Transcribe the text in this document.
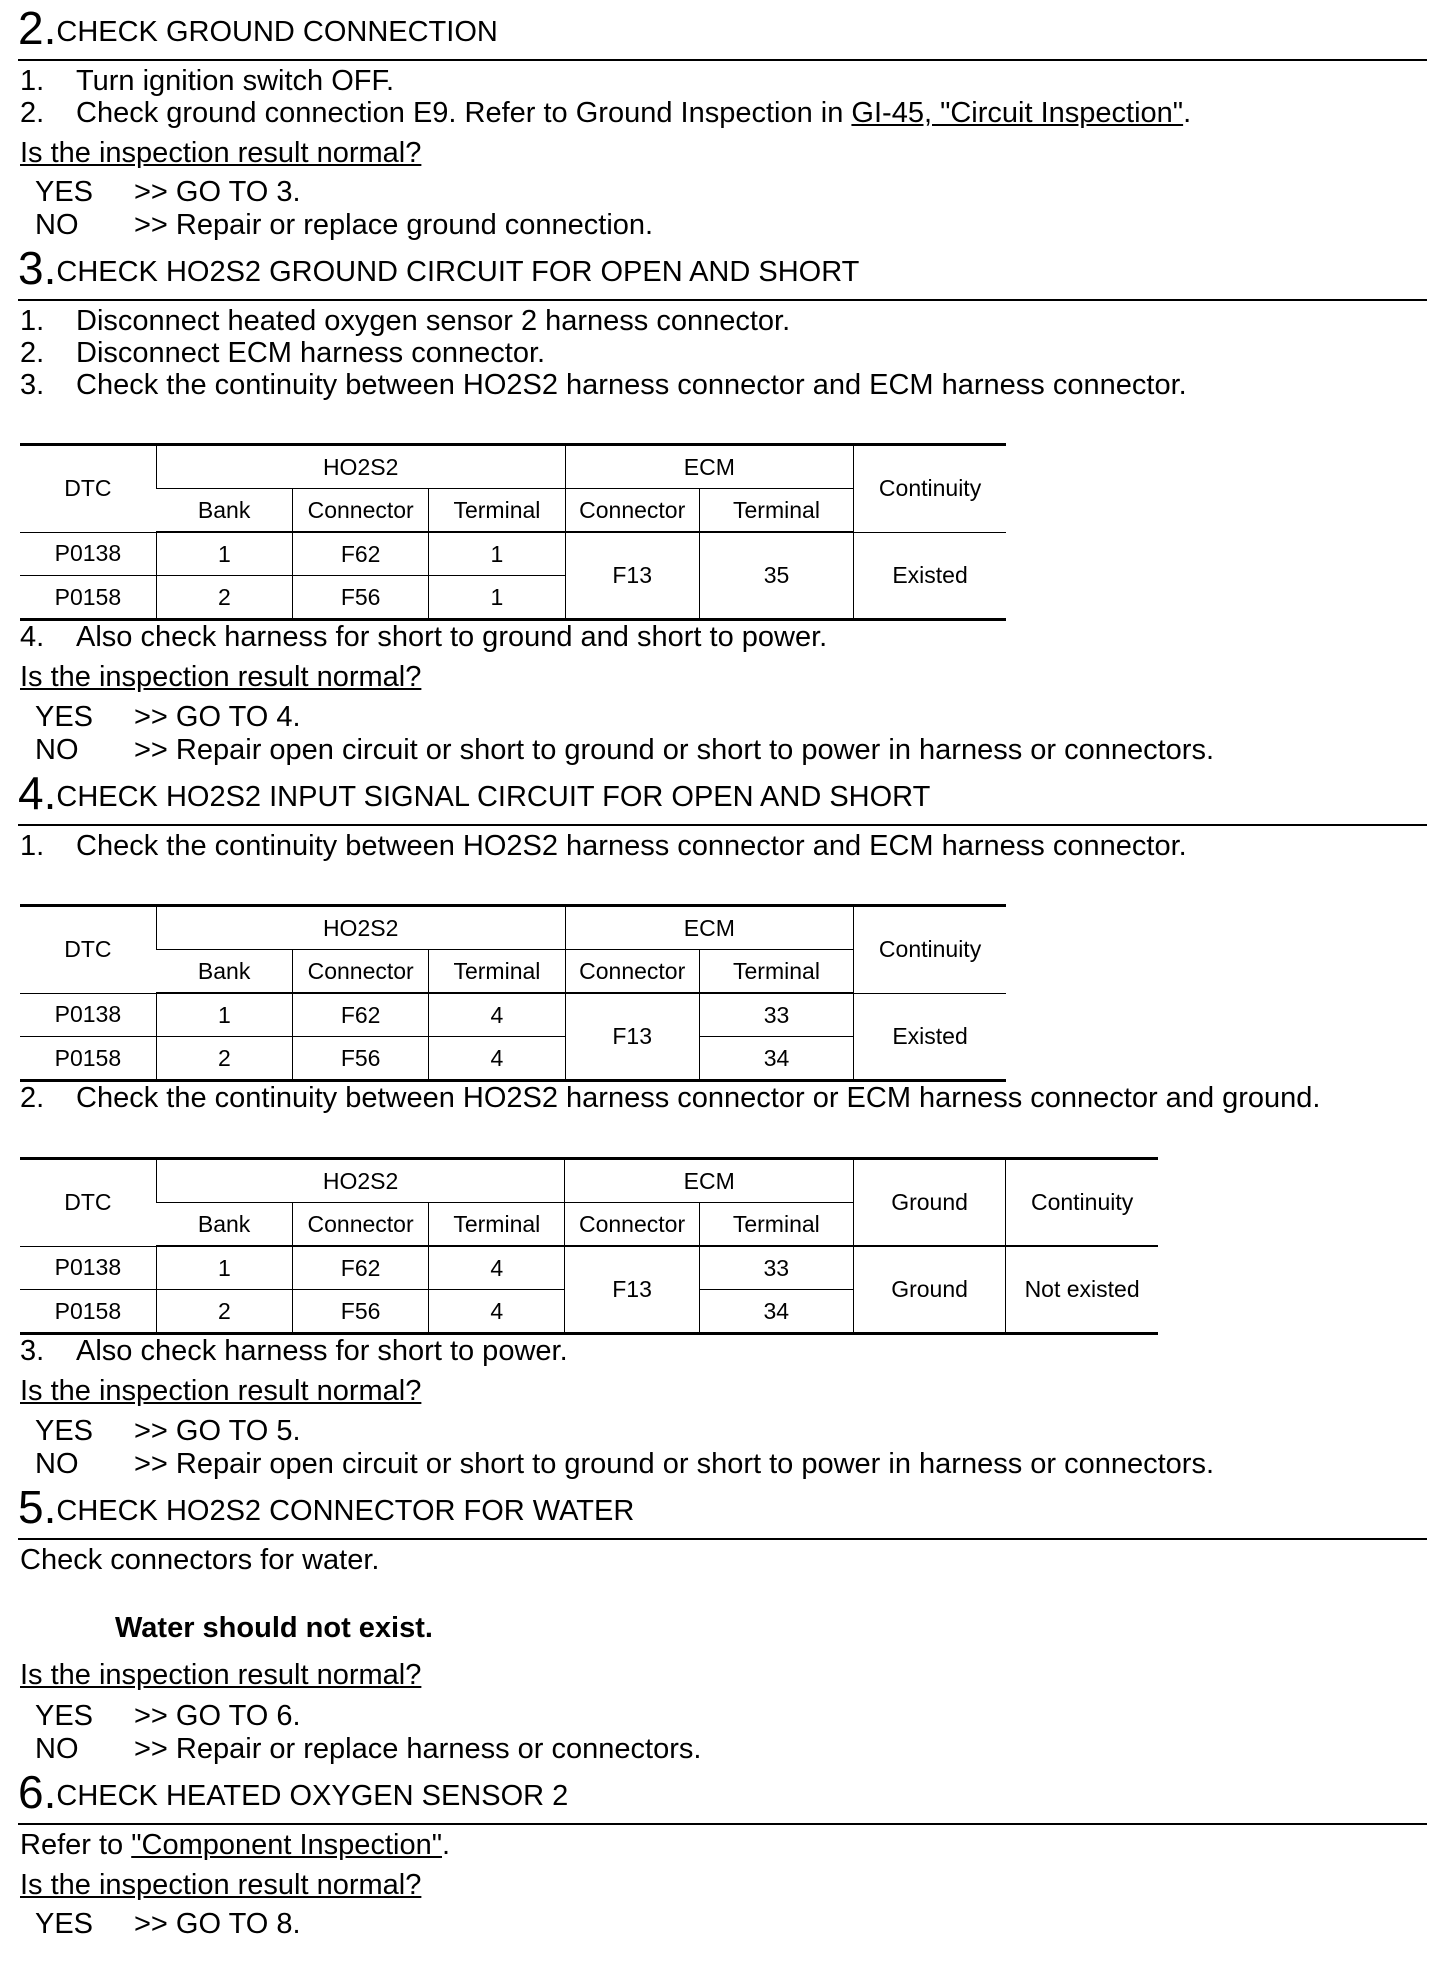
2.CHECK GROUND CONNECTION
1. Turn ignition switch OFF.
2. Check ground connection E9. Refer to Ground Inspection in GI-45, "Circuit Inspection".
Is the inspection result normal?
YES >> GO TO 3.
NO >> Repair or replace ground connection.
3.CHECK HO2S2 GROUND CIRCUIT FOR OPEN AND SHORT
1. Disconnect heated oxygen sensor 2 harness connector.
2. Disconnect ECM harness connector.
3. Check the continuity between HO2S2 harness connector and ECM harness connector.
DTC	HO2S2			ECM		Continuity
	Bank	Connector	Terminal	Connector	Terminal	
P0138	1	F62	1	F13	35	Existed
P0158	2	F56	1			
4. Also check harness for short to ground and short to power.
Is the inspection result normal?
YES >> GO TO 4.
NO >> Repair open circuit or short to ground or short to power in harness or connectors.
4.CHECK HO2S2 INPUT SIGNAL CIRCUIT FOR OPEN AND SHORT
1. Check the continuity between HO2S2 harness connector and ECM harness connector.
DTC	HO2S2			ECM		Continuity
	Bank	Connector	Terminal	Connector	Terminal	
P0138	1	F62	4	F13	33	Existed
P0158	2	F56	4		34	
2. Check the continuity between HO2S2 harness connector or ECM harness connector and ground.
DTC	HO2S2			ECM		Ground	Continuity
	Bank	Connector	Terminal	Connector	Terminal		
P0138	1	F62	4	F13	33	Ground	Not existed
P0158	2	F56	4		34		
3. Also check harness for short to power.
Is the inspection result normal?
YES >> GO TO 5.
NO >> Repair open circuit or short to ground or short to power in harness or connectors.
5.CHECK HO2S2 CONNECTOR FOR WATER
Check connectors for water.
Water should not exist.
Is the inspection result normal?
YES >> GO TO 6.
NO >> Repair or replace harness or connectors.
6.CHECK HEATED OXYGEN SENSOR 2
Refer to "Component Inspection".
Is the inspection result normal?
YES >> GO TO 8.
